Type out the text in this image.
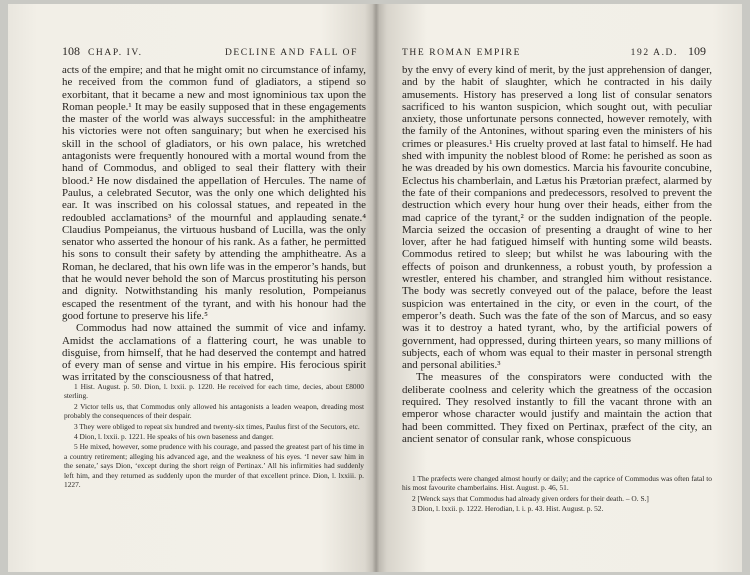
108 CHAP. IV.	DECLINE AND FALL OF

acts of the empire; and that he might omit no circumstance of infamy, he received from the common fund of gladiators, a stipend so exorbitant, that it became a new and most ignominious tax upon the Roman people.¹ It may be easily supposed that in these engagements the master of the world was always successful: in the amphitheatre his victories were not often sanguinary; but when he exercised his skill in the school of gladiators, or his own palace, his wretched antagonists were frequently honoured with a mortal wound from the hand of Commodus, and obliged to seal their flattery with their blood.² He now disdained the appellation of Hercules. The name of Paulus, a celebrated Secutor, was the only one which delighted his ear. It was inscribed on his colossal statues, and repeated in the redoubled acclamations³ of the mournful and applauding senate.⁴ Claudius Pompeianus, the virtuous husband of Lucilla, was the only senator who asserted the honour of his rank. As a father, he permitted his sons to consult their safety by attending the amphitheatre. As a Roman, he declared, that his own life was in the emperor’s hands, but that he would never behold the son of Marcus prostituting his person and dignity. Notwithstanding his manly resolution, Pompeianus escaped the resentment of the tyrant, and with his honour had the good fortune to preserve his life.⁵

Commodus had now attained the summit of vice and infamy. Amidst the acclamations of a flattering court, he was unable to disguise, from himself, that he had deserved the contempt and hatred of every man of sense and virtue in his empire. His ferocious spirit was irritated by the consciousness of that hatred,

1 Hist. August. p. 50. Dion, l. lxxii. p. 1220. He received for each time, decies, about £8000 sterling.

2 Victor tells us, that Commodus only allowed his antagonists a leaden weapon, dreading most probably the consequences of their despair.

3 They were obliged to repeat six hundred and twenty-six times, Paulus first of the Secutors, etc.

4 Dion, l. lxxii. p. 1221. He speaks of his own baseness and danger.

5 He mixed, however, some prudence with his courage, and passed the greatest part of his time in a country retirement; alleging his advanced age, and the weakness of his eyes. ‘I never saw him in the senate,’ says Dion, ‘except during the short reign of Pertinax.’ All his infirmities had suddenly left him, and they returned as suddenly upon the murder of that excellent prince. Dion, l. lxxiii. p. 1227.

THE ROMAN EMPIRE	192 A.D. 109

by the envy of every kind of merit, by the just apprehension of danger, and by the habit of slaughter, which he contracted in his daily amusements. History has preserved a long list of consular senators sacrificed to his wanton suspicion, which sought out, with peculiar anxiety, those unfortunate persons connected, however remotely, with the family of the Antonines, without sparing even the ministers of his crimes or pleasures.¹ His cruelty proved at last fatal to himself. He had shed with impunity the noblest blood of Rome: he perished as soon as he was dreaded by his own domestics. Marcia his favourite concubine, Eclectus his chamberlain, and Lætus his Prætorian præfect, alarmed by the fate of their companions and predecessors, resolved to prevent the destruction which every hour hung over their heads, either from the mad caprice of the tyrant,² or the sudden indignation of the people. Marcia seized the occasion of presenting a draught of wine to her lover, after he had fatigued himself with hunting some wild beasts. Commodus retired to sleep; but whilst he was labouring with the effects of poison and drunkenness, a robust youth, by profession a wrestler, entered his chamber, and strangled him without resistance. The body was secretly conveyed out of the palace, before the least suspicion was entertained in the city, or even in the court, of the emperor’s death. Such was the fate of the son of Marcus, and so easy was it to destroy a hated tyrant, who, by the artificial powers of government, had oppressed, during thirteen years, so many millions of subjects, each of whom was equal to their master in personal strength and personal abilities.³

The measures of the conspirators were conducted with the deliberate coolness and celerity which the greatness of the occasion required. They resolved instantly to fill the vacant throne with an emperor whose character would justify and maintain the action that had been committed. They fixed on Pertinax, præfect of the city, an ancient senator of consular rank, whose conspicuous

1 The præfects were changed almost hourly or daily; and the caprice of Commodus was often fatal to his most favourite chamberlains. Hist. August. p. 46, 51.

2 [Wenck says that Commodus had already given orders for their death. – O. S.]

3 Dion, l. lxxii. p. 1222. Herodian, l. i. p. 43. Hist. August. p. 52.
